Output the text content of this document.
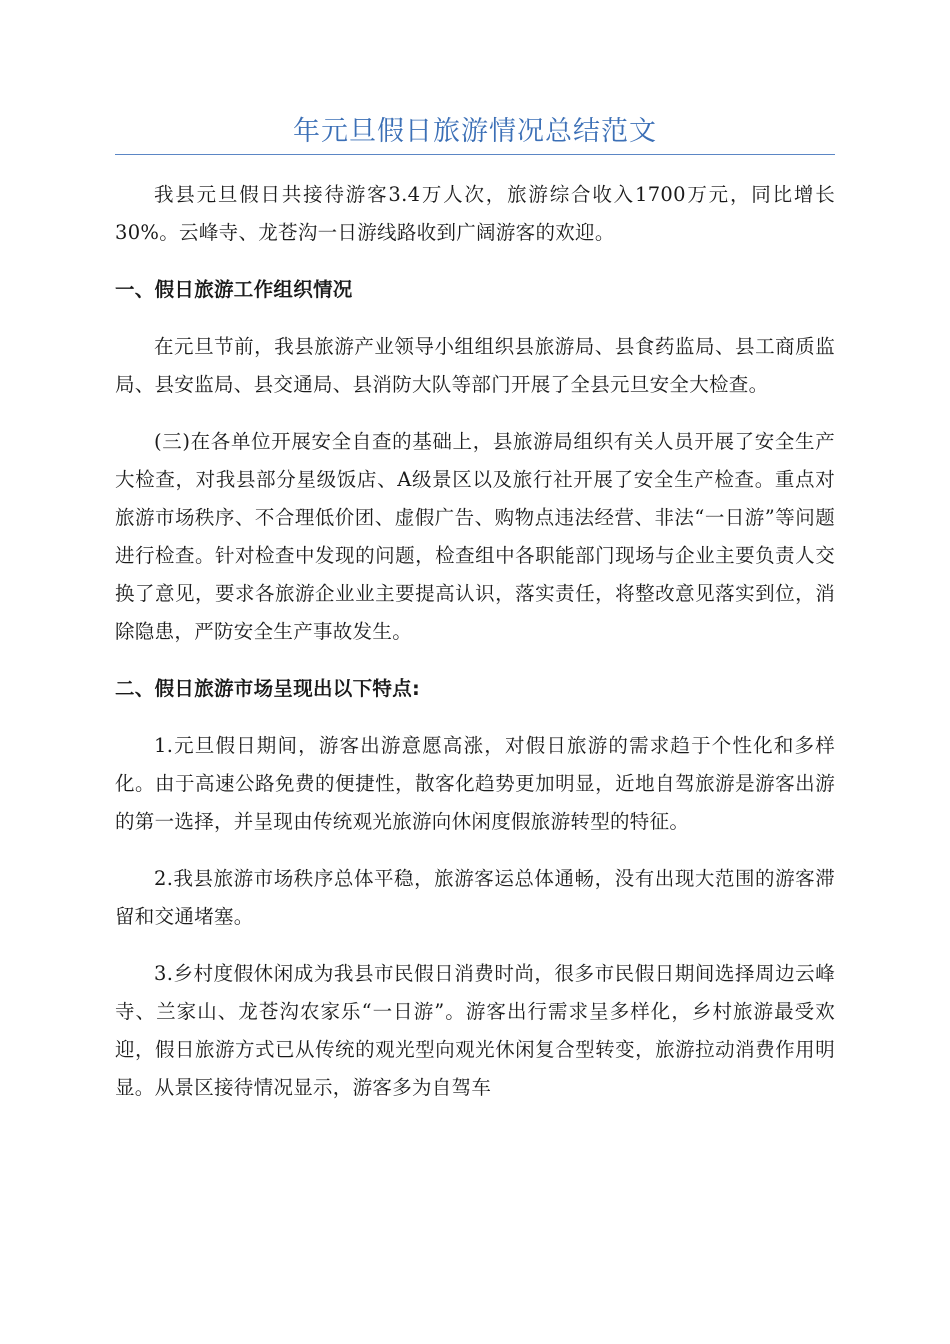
年元旦假日旅游情况总结范文

我县元旦假日共接待游客3.4万人次，旅游综合收入1700万元，同比增长30%。云峰寺、龙苍沟一日游线路收到广阔游客的欢迎。

一、假日旅游工作组织情况

在元旦节前，我县旅游产业领导小组组织县旅游局、县食药监局、县工商质监局、县安监局、县交通局、县消防大队等部门开展了全县元旦安全大检查。

(三)在各单位开展安全自查的基础上，县旅游局组织有关人员开展了安全生产大检查，对我县部分星级饭店、A级景区以及旅行社开展了安全生产检查。重点对旅游市场秩序、不合理低价团、虚假广告、购物点违法经营、非法“一日游”等问题进行检查。针对检查中发现的问题，检查组中各职能部门现场与企业主要负责人交换了意见，要求各旅游企业业主要提高认识，落实责任，将整改意见落实到位，消除隐患，严防安全生产事故发生。

二、假日旅游市场呈现出以下特点:

1.元旦假日期间，游客出游意愿高涨，对假日旅游的需求趋于个性化和多样化。由于高速公路免费的便捷性，散客化趋势更加明显，近地自驾旅游是游客出游的第一选择，并呈现由传统观光旅游向休闲度假旅游转型的特征。

2.我县旅游市场秩序总体平稳，旅游客运总体通畅，没有出现大范围的游客滞留和交通堵塞。

3.乡村度假休闲成为我县市民假日消费时尚，很多市民假日期间选择周边云峰寺、兰家山、龙苍沟农家乐“一日游”。游客出行需求呈多样化，乡村旅游最受欢迎，假日旅游方式已从传统的观光型向观光休闲复合型转变，旅游拉动消费作用明显。从景区接待情况显示，游客多为自驾车
